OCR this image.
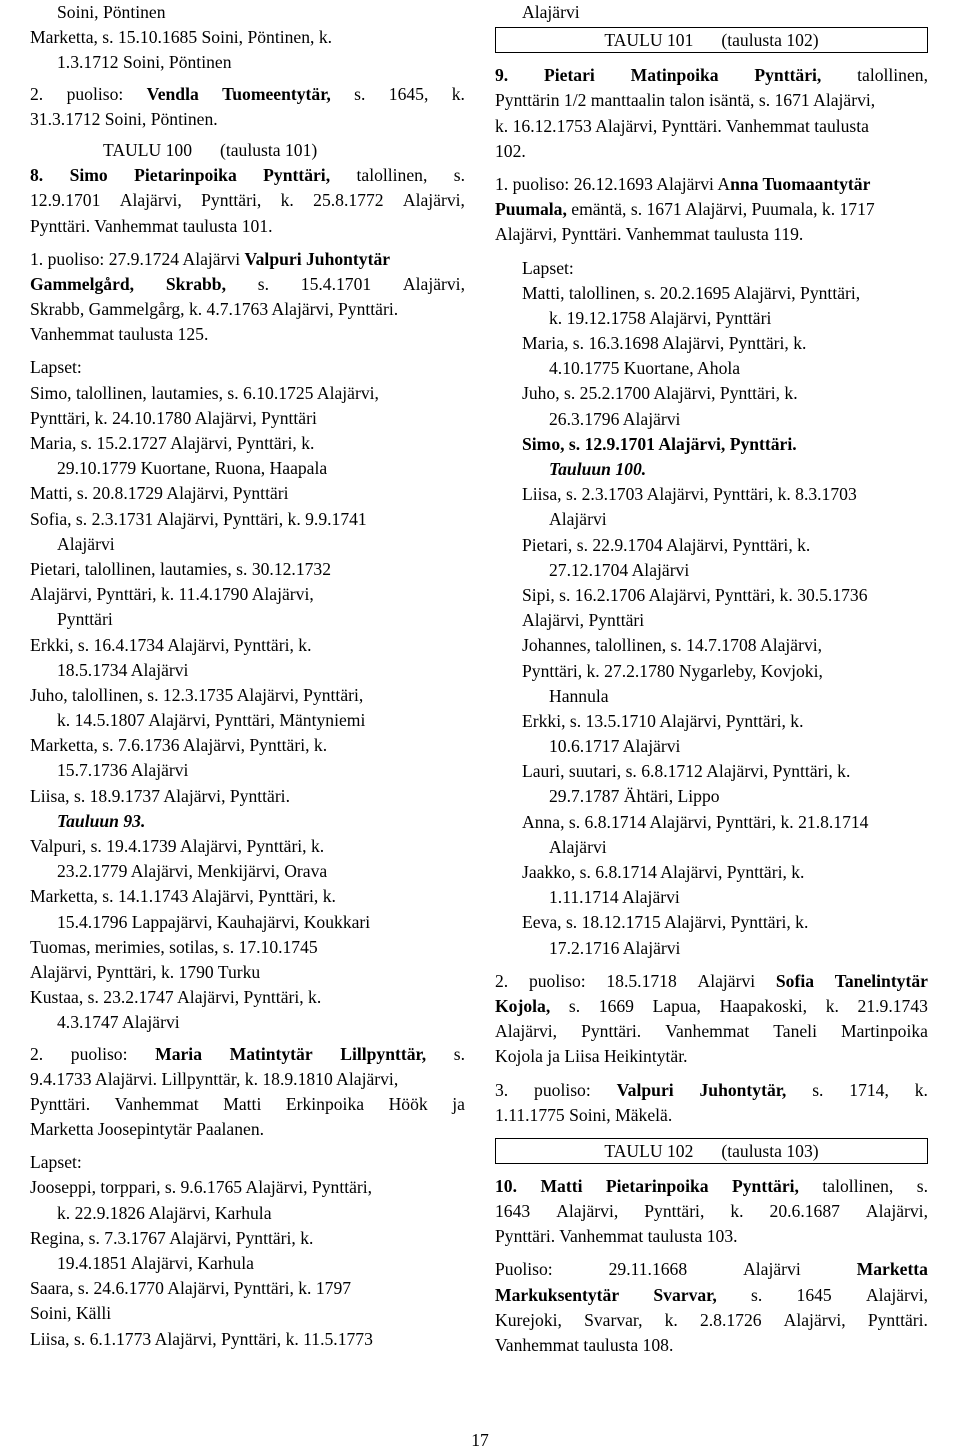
Soini, Pöntinen
Marketta, s. 15.10.1685 Soini, Pöntinen, k.
1.3.1712 Soini, Pöntinen
2. puoliso: Vendla Tuomeentytär, s. 1645, k.
31.3.1712 Soini, Pöntinen.
TAULU 100 (taulusta 101)
8. Simo Pietarinpoika Pynttäri, talollinen, s.
12.9.1701 Alajärvi, Pynttäri, k. 25.8.1772 Alajärvi,
Pynttäri. Vanhemmat taulusta 101.
1. puoliso: 27.9.1724 Alajärvi Valpuri Juhontytär
Gammelgård, Skrabb, s. 15.4.1701 Alajärvi,
Skrabb, Gammelgårg, k. 4.7.1763 Alajärvi, Pynttäri.
Vanhemmat taulusta 125.
Lapset:
Simo, talollinen, lautamies, s. 6.10.1725 Alajärvi,
Pynttäri, k. 24.10.1780 Alajärvi, Pynttäri
Maria, s. 15.2.1727 Alajärvi, Pynttäri, k.
29.10.1779 Kuortane, Ruona, Haapala
Matti, s. 20.8.1729 Alajärvi, Pynttäri
Sofia, s. 2.3.1731 Alajärvi, Pynttäri, k. 9.9.1741
Alajärvi
Pietari, talollinen, lautamies, s. 30.12.1732
Alajärvi, Pynttäri, k. 11.4.1790 Alajärvi,
Pynttäri
Erkki, s. 16.4.1734 Alajärvi, Pynttäri, k.
18.5.1734 Alajärvi
Juho, talollinen, s. 12.3.1735 Alajärvi, Pynttäri,
k. 14.5.1807 Alajärvi, Pynttäri, Mäntyniemi
Marketta, s. 7.6.1736 Alajärvi, Pynttäri, k.
15.7.1736 Alajärvi
Liisa, s. 18.9.1737 Alajärvi, Pynttäri.
Tauluun 93.
Valpuri, s. 19.4.1739 Alajärvi, Pynttäri, k.
23.2.1779 Alajärvi, Menkijärvi, Orava
Marketta, s. 14.1.1743 Alajärvi, Pynttäri, k.
15.4.1796 Lappajärvi, Kauhajärvi, Koukkari
Tuomas, merimies, sotilas, s. 17.10.1745
Alajärvi, Pynttäri, k. 1790 Turku
Kustaa, s. 23.2.1747 Alajärvi, Pynttäri, k.
4.3.1747 Alajärvi
2. puoliso: Maria Matintytär Lillpynttär, s.
9.4.1733 Alajärvi. Lillpynttär, k. 18.9.1810 Alajärvi,
Pynttäri. Vanhemmat Matti Erkinpoika Höök ja
Marketta Joosepintytär Paalanen.
Lapset:
Jooseppi, torppari, s. 9.6.1765 Alajärvi, Pynttäri,
k. 22.9.1826 Alajärvi, Karhula
Regina, s. 7.3.1767 Alajärvi, Pynttäri, k.
19.4.1851 Alajärvi, Karhula
Saara, s. 24.6.1770 Alajärvi, Pynttäri, k. 1797
Soini, Källi
Liisa, s. 6.1.1773 Alajärvi, Pynttäri, k. 11.5.1773
Alajärvi
TAULU 101 (taulusta 102)
9. Pietari Matinpoika Pynttäri, talollinen,
Pynttärin 1/2 manttaalin talon isäntä, s. 1671 Alajärvi,
k. 16.12.1753 Alajärvi, Pynttäri. Vanhemmat taulusta
102.
1. puoliso: 26.12.1693 Alajärvi Anna Tuomaantytär
Puumala, emäntä, s. 1671 Alajärvi, Puumala, k. 1717
Alajärvi, Pynttäri. Vanhemmat taulusta 119.
Lapset:
Matti, talollinen, s. 20.2.1695 Alajärvi, Pynttäri,
k. 19.12.1758 Alajärvi, Pynttäri
Maria, s. 16.3.1698 Alajärvi, Pynttäri, k.
4.10.1775 Kuortane, Ahola
Juho, s. 25.2.1700 Alajärvi, Pynttäri, k.
26.3.1796 Alajärvi
Simo, s. 12.9.1701 Alajärvi, Pynttäri.
Tauluun 100.
Liisa, s. 2.3.1703 Alajärvi, Pynttäri, k. 8.3.1703
Alajärvi
Pietari, s. 22.9.1704 Alajärvi, Pynttäri, k.
27.12.1704 Alajärvi
Sipi, s. 16.2.1706 Alajärvi, Pynttäri, k. 30.5.1736
Alajärvi, Pynttäri
Johannes, talollinen, s. 14.7.1708 Alajärvi,
Pynttäri, k. 27.2.1780 Nygarleby, Kovjoki,
Hannula
Erkki, s. 13.5.1710 Alajärvi, Pynttäri, k.
10.6.1717 Alajärvi
Lauri, suutari, s. 6.8.1712 Alajärvi, Pynttäri, k.
29.7.1787 Ähtäri, Lippo
Anna, s. 6.8.1714 Alajärvi, Pynttäri, k. 21.8.1714
Alajärvi
Jaakko, s. 6.8.1714 Alajärvi, Pynttäri, k.
1.11.1714 Alajärvi
Eeva, s. 18.12.1715 Alajärvi, Pynttäri, k.
17.2.1716 Alajärvi
2. puoliso: 18.5.1718 Alajärvi Sofia Tanelintytär
Kojola, s. 1669 Lapua, Haapakoski, k. 21.9.1743
Alajärvi, Pynttäri. Vanhemmat Taneli Martinpoika
Kojola ja Liisa Heikintytär.
3. puoliso: Valpuri Juhontytär, s. 1714, k.
1.11.1775 Soini, Mäkelä.
TAULU 102 (taulusta 103)
10. Matti Pietarinpoika Pynttäri, talollinen, s.
1643 Alajärvi, Pynttäri, k. 20.6.1687 Alajärvi,
Pynttäri. Vanhemmat taulusta 103.
Puoliso:	29.11.1668	Alajärvi	Marketta
Markuksentytär Svarvar, s. 1645 Alajärvi,
Kurejoki, Svarvar, k. 2.8.1726 Alajärvi, Pynttäri.
Vanhemmat taulusta 108.
17
